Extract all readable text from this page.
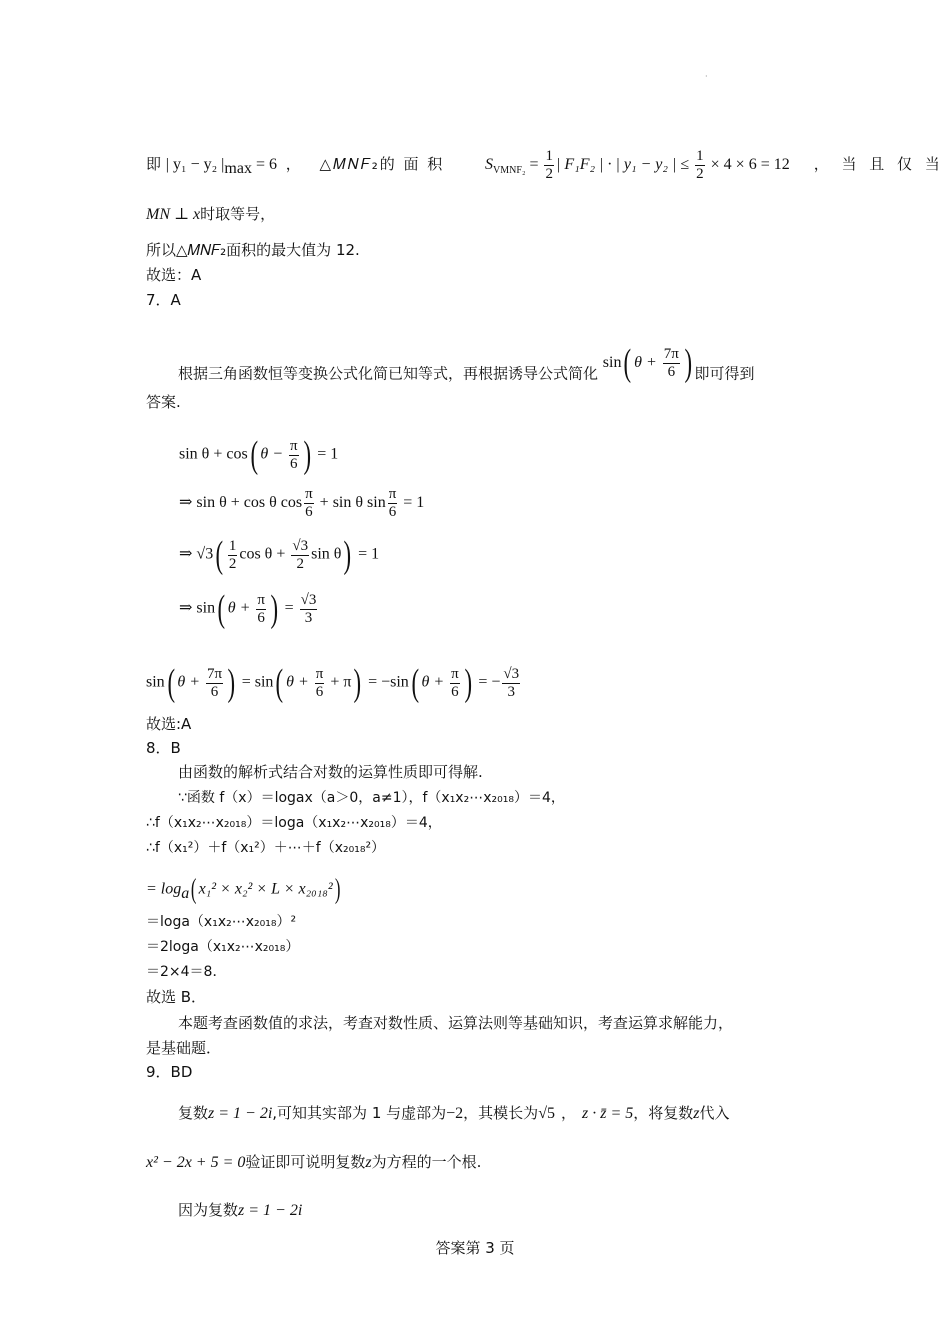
·
即 | y₁ − y₂ $|_{max} = 6$ ， △𝑀𝑁𝐹₂的 面 积	$S_{VMNF_2} = \frac{1}{2}$ | F₁F₂ | · | y₁ − y₂ | ≤ $\frac{1}{2} \times 4 \times 6 = 12$ ， 当 且 仅 当
MN ⊥ x时取等号，
所以△𝑀𝑁𝐹₂面积的最大值为 12.
故选：A
7．A
根据三角函数恒等变换公式化简已知等式，再根据诱导公式简化 sin( $\theta + \frac{7\pi}{6}$ ) 即可得到
答案.
sin θ + cos( $\theta - \frac{\pi}{6}$ ) = 1
⇒ sin θ + cos θ $\cos \frac{\pi}{6} + \sin \theta$ $\sin \frac{\pi}{6} = 1$
⇒ $√3( \frac{1}{2}$ $\cos \theta + \frac{√3}{2}$ sin θ) = 1
⇒ sin( $\theta + \frac{\pi}{6}$ ) = $\frac{√3}{3}$
sin( $\theta + \frac{7\pi}{6}$ ) = sin( $\theta + \frac{\pi}{6} + \pi) = -\sin$( $\theta + \frac{\pi}{6}$ ) = − $\frac{√3}{3}$
故选:A
8．B
由函数的解析式结合对数的运算性质即可得解.
∵函数 f（x）＝logax（a＞0，a≠1），f（x₁x₂⋯x₂₀₁₈）＝4，
∴f（x₁x₂⋯x₂₀₁₈）＝loga（x₁x₂⋯x₂₀₁₈）＝4，
∴f（x₁²）＋f（x₁²）＋⋯＋f（x₂₀₁₈²）
= $\log_a$( x₁² × x₂² × L × x₂₀₁₈²)
＝loga（x₁x₂⋯x₂₀₁₈）²
＝2loga（x₁x₂⋯x₂₀₁₈）
＝2×4＝8．
故选 B．
本题考查函数值的求法，考查对数性质、运算法则等基础知识，考查运算求解能力，
是基础题．
9．BD
复数z = 1 − 2i,可知其实部为 1 与虚部为−2，其模长为√5 ， z · z̄ = 5，将复数z代入
x² − 2x + 5 = 0验证即可说明复数z为方程的一个根.
因为复数z = 1 − 2i
答案第 3 页
